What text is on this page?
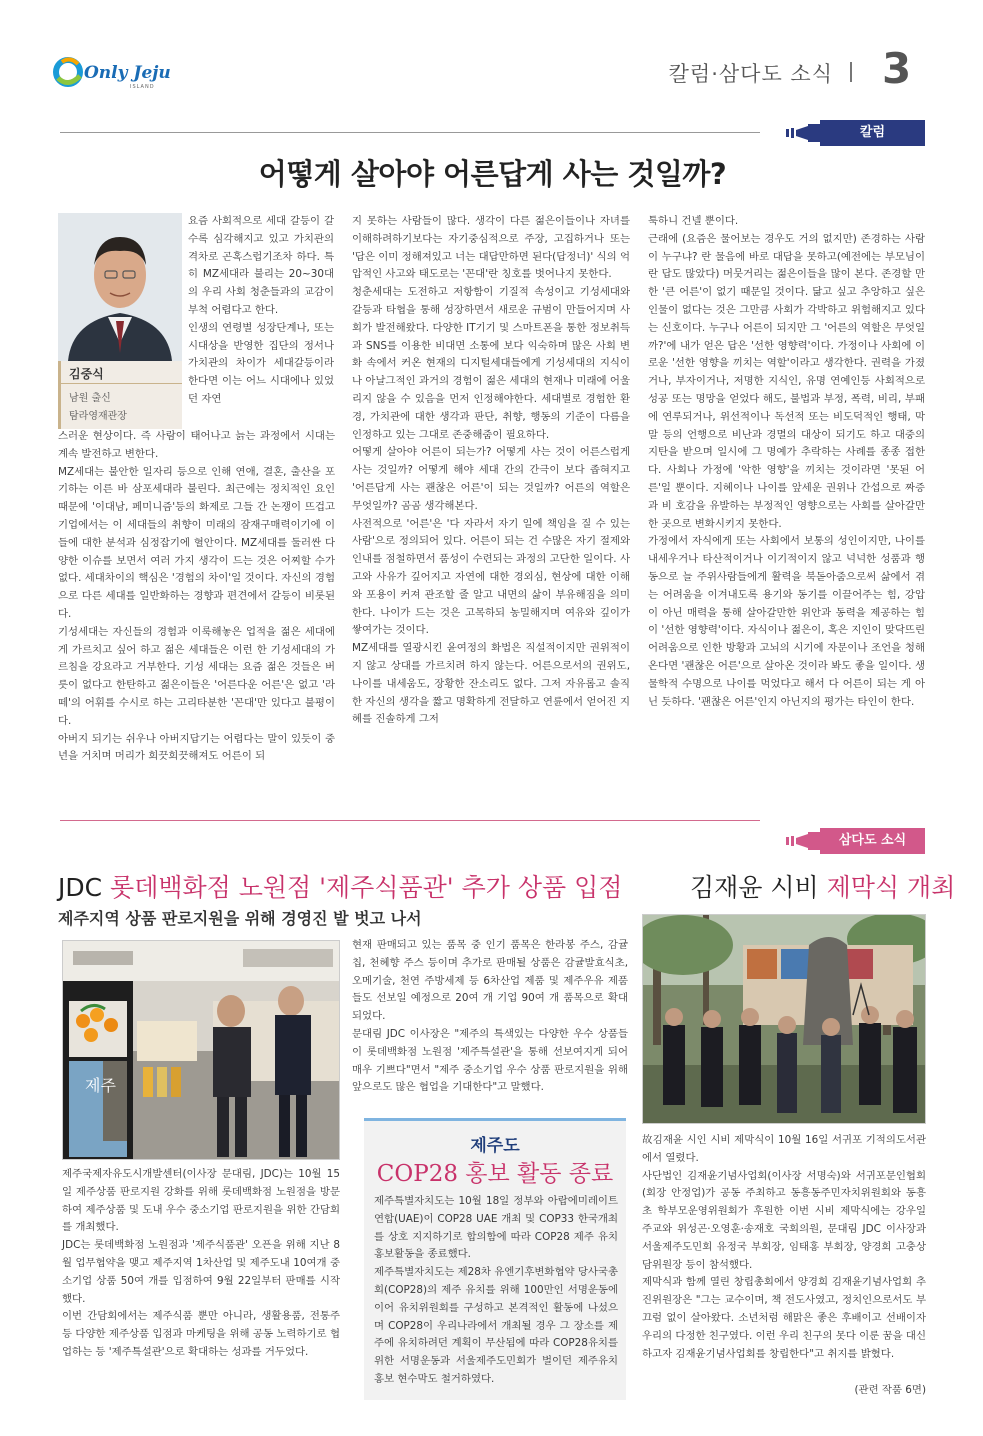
Only Jeju
ISLAND
칼럼·삼다도 소식 3
칼럼
어떻게 살아야 어른답게 사는 것일까?
김중식
남원 출신
탐라영재관장

요즘 사회적으로 세대 갈등이 갈수록 심각해지고 있고 가치관의 격차로 곤혹스럽기조차 하다. 특히 MZ세대라 불리는 20~30대의 우리 사회 청춘들과의 교감이 부척 어렵다고 한다.

인생의 연령별 성장단계나, 또는 시대상을 반영한 집단의 정서나 가치관의 차이가 세대갈등이라 한다면 이는 어느 시대에나 있었던 자연

스러운 현상이다. 즉 사람이 태어나고 늙는 과정에서 시대는 계속 발전하고 변한다.

MZ세대는 불안한 일자리 등으로 인해 연애, 결혼, 출산을 포기하는 이른 바 삼포세대라 불린다. 최근에는 정치적인 요인 때문에 '이대남, 페미니즘'등의 화제로 그들 간 논쟁이 뜨겁고 기업에서는 이 세대들의 취향이 미래의 잠재구매력이기에 이들에 대한 분석과 심정잡기에 혈안이다. MZ세대를 둘러싼 다양한 이슈를 보면서 여러 가지 생각이 드는 것은 어찌할 수가 없다. 세대차이의 핵심은 '경험의 차이'일 것이다. 자신의 경험으로 다른 세대를 일반화하는 경향과 편견에서 갈등이 비롯된다.

기성세대는 자신들의 경험과 이룩해놓은 업적을 젊은 세대에게 가르치고 싶어 하고 젊은 세대들은 이런 한 기성세대의 가르침을 강요라고 거부한다. 기성 세대는 요즘 젊은 것들은 버릇이 없다고 한탄하고 젊은이들은 '어른다운 어른'은 없고 '라떼'의 어휘를 수시로 하는 고리타분한 '꼰대'만 있다고 불평이다.

아버지 되기는 쉬우나 아버지답기는 어렵다는 말이 있듯이 중년을 거치며 머리가 희끗희끗해져도 어른이 되

지 못하는 사람들이 많다. 생각이 다른 젊은이들이나 자녀를 이해하려하기보다는 자기중심적으로 주장, 고집하거나 또는 '답은 이미 정해져있고 너는 대답만하면 된다(답정너)' 식의 억압적인 사고와 태도로는 '꼰대'란 칭호를 벗어나지 못한다.

청춘세대는 도전하고 저항함이 기질적 속성이고 기성세대와 갈등과 타협을 통해 성장하면서 새로운 규범이 만들어지며 사회가 발전해왔다. 다양한 IT기기 및 스마트폰을 통한 정보취득과 SNS를 이용한 비대면 소통에 보다 익숙하며 많은 사회 변화 속에서 커온 현재의 디지털세대들에게 기성세대의 지식이나 아날그적인 과거의 경험이 젊은 세대의 현재나 미래에 어울리지 않을 수 있음을 먼저 인정해야한다. 세대별로 경험한 환경, 가치관에 대한 생각과 판단, 취향, 행동의 기준이 다름을 인정하고 있는 그대로 존중해줌이 필요하다.

어떻게 살아야 어른이 되는가? 어떻게 사는 것이 어른스럽게 사는 것일까? 어떻게 해야 세대 간의 간극이 보다 좁혀지고 '어른답게 사는 괜찮은 어른'이 되는 것일까? 어른의 역할은 무엇일까? 곰곰 생각해본다.

사전적으로 '어른'은 '다 자라서 자기 일에 책임을 질 수 있는 사람'으로 정의되어 있다. 어른이 되는 건 수많은 자기 절제와 인내를 점철하면서 품성이 수련되는 과정의 고단한 일이다. 사고와 사유가 깊어지고 자연에 대한 경외심, 현상에 대한 이해와 포용이 커져 관조할 줄 알고 내면의 삶이 부유해짐을 의미한다. 나이가 드는 것은 고목하되 농밀해지며 여유와 깊이가 쌓여가는 것이다.

MZ세대를 열광시킨 윤여정의 화법은 직설적이지만 권위적이지 않고 상대를 가르치려 하지 않는다. 어른으로서의 권위도, 나이를 내세움도, 장황한 잔소리도 없다. 그저 자유롭고 솔직한 자신의 생각을 짧고 명확하게 전달하고 연륜에서 얻어진 지혜를 진솔하게 그저

툭하니 건넬 뿐이다.

근래에 (요즘은 물어보는 경우도 거의 없지만) 존경하는 사람이 누구냐? 란 물음에 바로 대답을 못하고(예전에는 부모님이란 답도 많았다) 머뭇거리는 젊은이들을 많이 본다. 존경할 만한 '큰 어른'이 없기 때문일 것이다. 닮고 싶고 추앙하고 싶은 인물이 없다는 것은 그만큼 사회가 각박하고 위험해지고 있다는 신호이다. 누구나 어른이 되지만 그 '어른의 역할은 무엇일까?'에 내가 얻은 답은 '선한 영향력'이다. 가정이나 사회에 이로운 '선한 영향을 끼치는 역할'이라고 생각한다. 권력을 가졌거나, 부자이거나, 저명한 지식인, 유명 연예인등 사회적으로 성공 또는 명망을 얻었다 해도, 불법과 부정, 폭력, 비리, 부패에 연루되거나, 위선적이나 독선적 또는 비도덕적인 행태, 막 말 등의 언행으로 비난과 경멸의 대상이 되기도 하고 대중의 지탄을 받으며 일시에 그 명예가 추락하는 사례를 종종 접한다. 사회나 가정에 '악한 영향'을 끼치는 것이라면 '못된 어른'일 뿐이다. 지혜이나 나이를 앞세운 권위나 간섭으로 짜증과 비 호감을 유발하는 부정적인 영향으로는 사회를 살아갈만한 곳으로 변화시키지 못한다.

가정에서 자식에게 또는 사회에서 보통의 성인이지만, 나이를 내세우거나 타산적이거나 이기적이지 않고 넉넉한 성품과 행동으로 늘 주위사람들에게 활력을 북돋아줌으로써 삶에서 겪는 어려움을 이겨내도록 용기와 동기를 이끌어주는 힘, 강압이 아닌 매력을 통해 살아갈만한 위안과 동력을 제공하는 힘이 '선한 영향력'이다. 자식이나 젊은이, 혹은 지인이 맞닥뜨린 어려움으로 인한 방황과 고뇌의 시기에 자문이나 조언을 청해온다면 '괜찮은 어른'으로 살아온 것이라 봐도 좋을 일이다. 생물학적 수명으로 나이를 먹었다고 해서 다 어른이 되는 게 아닌 듯하다. '괜찮은 어른'인지 아닌지의 평가는 타인이 한다.

삼다도 소식
JDC 롯데백화점 노원점 '제주식품관' 추가 상품 입점
제주지역 상품 판로지원을 위해 경영진 발 벗고 나서
제주

제주국제자유도시개발센터(이사장 문대림, JDC)는 10월 15일 제주상품 판로지원 강화를 위해 롯데백화점 노원점을 방문하여 제주상품 및 도내 우수 중소기업 판로지원을 위한 간담회를 개최했다.

JDC는 롯데백화점 노원점과 '제주식품관' 오픈을 위해 지난 8월 업무협약을 맺고 제주지역 1차산업 및 제주도내 10여개 중소기업 상품 50여 개를 입점하여 9월 22일부터 판매를 시작했다.

이번 간담회에서는 제주식품 뿐만 아니라, 생활용품, 전통주 등 다양한 제주상품 입점과 마케팅을 위해 공동 노력하기로 협업하는 등 '제주특설관'으로 확대하는 성과를 거두었다.

현재 판매되고 있는 품목 중 인기 품목은 한라봉 주스, 감귤칩, 천혜향 주스 등이며 추가로 판매될 상품은 감귤발효식초, 오메기술, 천연 주방세제 등 6차산업 제품 및 제주우유 제품들도 선보일 예정으로 20여 개 기업 90여 개 품목으로 확대되었다.

문대림 JDC 이사장은 "제주의 특색있는 다양한 우수 상품들이 롯데백화점 노원점 '제주특설관'을 통해 선보여지게 되어 매우 기쁘다"면서 "제주 중소기업 우수 상품 판로지원을 위해 앞으로도 많은 협업을 기대한다"고 말했다.

제주도
COP28 홍보 활동 종료

제주특별자치도는 10월 18일 정부와 아랍에미레이트연합(UAE)이 COP28 UAE 개최 및 COP33 한국개최를 상호 지지하기로 합의함에 따라 COP28 제주 유치 홍보활동을 종료했다.

제주특별자치도는 제28차 유엔기후변화협약 당사국총회(COP28)의 제주 유치를 위해 100만인 서명운동에 이어 유치위원회를 구성하고 본격적인 활동에 나섰으며 COP28이 우리나라에서 개최될 경우 그 장소를 제주에 유치하려던 계획이 무산됨에 따라 COP28유치를 위한 서명운동과 서울제주도민회가 벌이던 제주유치 홍보 현수막도 철거하였다.

김재윤 시비 제막식 개최

故김재윤 시인 시비 제막식이 10월 16일 서귀포 기적의도서관에서 열렸다.

사단법인 김재윤기념사업회(이사장 서명숙)와 서귀포문인협회(회장 안정업)가 공동 주최하고 동흥동주민자치위원회와 동흥초 학부모운영위원회가 후원한 이번 시비 제막식에는 강우일 주교와 위성곤·오영훈·송재호 국회의원, 문대림 JDC 이사장과 서울제주도민회 유정국 부회장, 임태홍 부회장, 양경희 고충상담위원장 등이 참석했다.

제막식과 함께 열린 창립총회에서 양경희 김재윤기념사업회 추진위원장은 "그는 교수이며, 책 전도사였고, 정치인으로서도 부끄럼 없이 살아왔다. 소년처럼 해맑은 좋은 후배이고 선배이자 우리의 다정한 친구였다. 이런 우리 친구의 못다 이룬 꿈을 대신 하고자 김재윤기념사업회를 창립한다"고 취지를 밝혔다.

(관련 작품 6면)
